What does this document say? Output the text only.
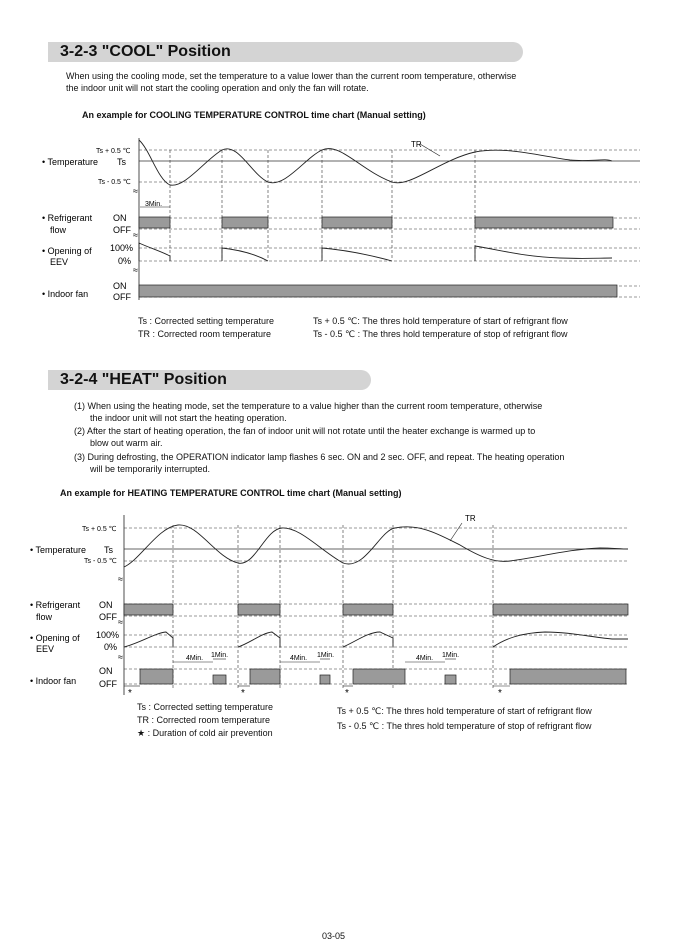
3-2-3 "COOL" Position
When using the cooling mode, set the temperature to a value lower than the current room temperature, otherwise
the indoor unit will not start the cooling operation and only the fan will rotate.
An example for COOLING TEMPERATURE CONTROL time chart (Manual setting)
Ts + 0.5 ℃
• Temperature Ts
Ts - 0.5 ℃
TR
≈
≈
≈
3Min.
• Refrigerant
flow
ON
OFF
• Opening of
EEV
100%
0%
• Indoor fan
ON
OFF
Ts : Corrected setting temperature
TR : Corrected room temperature
Ts + 0.5 ℃: The thres hold temperature of start of refrigrant flow
Ts - 0.5 ℃ : The thres hold temperature of stop of refrigrant flow
3-2-4 "HEAT" Position
(1) When using the heating mode, set the temperature to a value higher than the current room temperature, otherwise
the indoor unit will not start the heating operation.
(2) After the start of heating operation, the fan of indoor unit will not rotate until the heater exchange is warmed up to
blow out warm air.
(3) During defrosting, the OPERATION indicator lamp flashes 6 sec. ON and 2 sec. OFF, and repeat. The heating operation
will be temporarily interrupted.
An example for HEATING TEMPERATURE CONTROL time chart (Manual setting)
Ts + 0.5 ℃
• Temperature Ts
Ts - 0.5 ℃
TR
≈
≈
≈
• Refrigerant
flow
ON
OFF
• Opening of
EEV
100%
0%
4Min. 1Min.	4Min. 1Min.	4Min. 1Min.
• Indoor fan
ON
OFF
*	*	*	*
Ts : Corrected setting temperature
TR : Corrected room temperature
★ : Duration of cold air prevention
Ts + 0.5 ℃: The thres hold temperature of start of refrigrant flow
Ts - 0.5 ℃ : The thres hold temperature of stop of refrigrant flow
03-05
